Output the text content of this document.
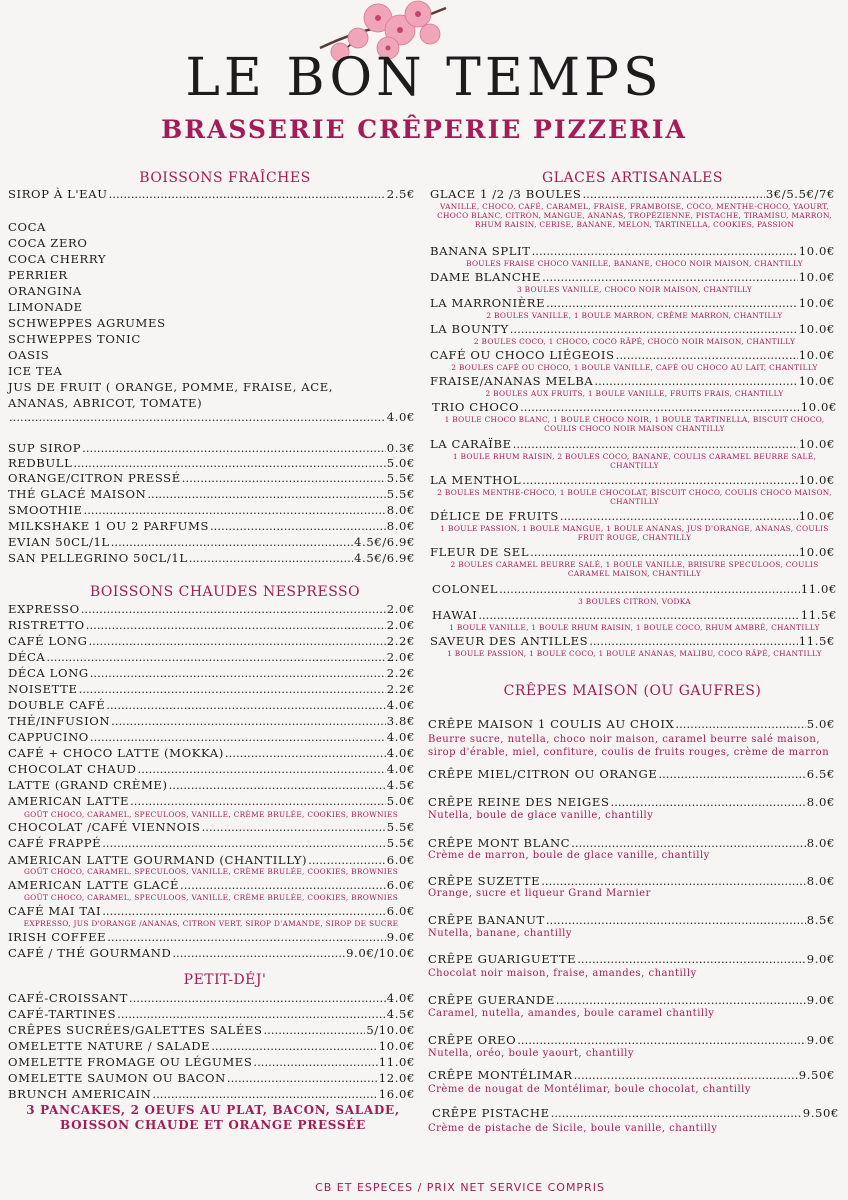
LE BON TEMPS
BRASSERIE CRÊPERIE PIZZERIA
BOISSONS FRAÎCHES
SIROP À L'EAU .....	2.5€
COCA
COCA ZERO
COCA CHERRY
PERRIER
ORANGINA
LIMONADE
SCHWEPPES AGRUMES
SCHWEPPES TONIC
OASIS
ICE TEA
JUS DE FRUIT ( ORANGE, POMME, FRAISE, ACE,
ANANAS, ABRICOT, TOMATE)
.....
4.0€
SUP SIROP .....	0.3€
REDBULL .....	5.0€
ORANGE/CITRON PRESSÉ .....	5.5€
THÉ GLACÉ MAISON .....	5.5€
SMOOTHIE .....	8.0€
MILKSHAKE 1 OU 2 PARFUMS .....	8.0€
EVIAN 50CL/1L .....	4.5€/6.9€
SAN PELLEGRINO 50CL/1L .....	4.5€/6.9€
BOISSONS CHAUDES NESPRESSO
EXPRESSO .....	2.0€
RISTRETTO .....	2.0€
CAFÉ LONG .....	2.2€
DÉCA .....	2.0€
DÉCA LONG .....	2.2€
NOISETTE .....	2.2€
DOUBLE CAFÉ .....	4.0€
THÉ/INFUSION .....	3.8€
CAPPUCINO .....	4.0€
CAFÉ + CHOCO LATTE (MOKKA) .....	4.0€
CHOCOLAT CHAUD .....	4.0€
LATTE (GRAND CRÈME) .....	4.5€
AMERICAN LATTE .....	5.0€
CHOCOLAT /CAFÉ VIENNOIS .....	5.5€
CAFÉ FRAPPÉ .....	5.5€
AMERICAN LATTE GOURMAND (CHANTILLY) .....	6.0€
AMERICAN LATTE GLACÉ .....	6.0€
CAFÉ MAI TAI .....	6.0€
IRISH COFFEE .....	9.0€
CAFÉ / THÉ GOURMAND .....	9.0€/10.0€
GOÛT CHOCO, CARAMEL, SPECULOOS, VANILLE, CRÈME BRULÉE, COOKIES, BROWNIES
GOÛT CHOCO, CARAMEL, SPECULOOS, VANILLE, CRÈME BRULÉE, COOKIES, BROWNIES
GOÛT CHOCO, CARAMEL, SPECULOOS, VANILLE, CRÈME BRULÉE, COOKIES, BROWNIES
EXPRESSO, JUS D'ORANGE /ANANAS, CITRON VERT, SIROP D'AMANDE, SIROP DE SUCRE
PETIT-DÉJ'
CAFÉ-CROISSANT .....	4.0€
CAFÉ-TARTINES .....	4.5€
CRÊPES SUCRÉES/GALETTES SALÉES .....	5/10.0€
OMELETTE NATURE / SALADE .....	10.0€
OMELETTE FROMAGE OU LÉGUMES .....	11.0€
OMELETTE SAUMON OU BACON .....	12.0€
BRUNCH AMERICAIN .....	16.0€
3 PANCAKES, 2 OEUFS AU PLAT, BACON, SALADE,
BOISSON CHAUDE ET ORANGE PRESSÉE
GLACES ARTISANALES
GLACE 1 /2 /3 BOULES .....	3€/5.5€/7€
VANILLE, CHOCO, CAFÉ, CARAMEL, FRAISE, FRAMBOISE, COCO, MENTHE-CHOCO, YAOURT, CHOCO BLANC, CITRON, MANGUE, ANANAS, TROPÉZIENNE, PISTACHE, TIRAMISU, MARRON, RHUM RAISIN, CERISE, BANANE, MELON, TARTINELLA, COOKIES, PASSION
BANANA SPLIT .....	10.0€
BOULES FRAISE CHOCO VANILLE, BANANE, CHOCO NOIR MAISON, CHANTILLY
DAME BLANCHE .....	10.0€
3 BOULES VANILLE, CHOCO NOIR MAISON, CHANTILLY
LA MARRONIÈRE .....	10.0€
2 BOULES VANILLE, 1 BOULE MARRON, CRÈME MARRON, CHANTILLY
LA BOUNTY .....	10.0€
2 BOULES COCO, 1 CHOCO, COCO RÂPÉ, CHOCO NOIR MAISON, CHANTILLY
CAFÉ OU CHOCO LIÉGEOIS .....	10.0€
2 BOULES CAFÉ OU CHOCO, 1 BOULE VANILLE, CAFÉ OU CHOCO AU LAIT, CHANTILLY
FRAISE/ANANAS MELBA .....	10.0€
2 BOULES AUX FRUITS, 1 BOULE VANILLE, FRUITS FRAIS, CHANTILLY
TRIO CHOCO .....	10.0€
1 BOULE CHOCO BLANC, 1 BOULE CHOCO NOIR, 1 BOULE TARTINELLA, BISCUIT CHOCO, COULIS CHOCO NOIR MAISON CHANTILLY
LA CARAÏBE .....	10.0€
1 BOULE RHUM RAISIN, 2 BOULES COCO, BANANE, COULIS CARAMEL BEURRE SALÉ, CHANTILLY
LA MENTHOL .....	10.0€
2 BOULES MENTHE-CHOCO, 1 BOULE CHOCOLAT, BISCUIT CHOCO, COULIS CHOCO MAISON, CHANTILLY
DÉLICE DE FRUITS .....	10.0€
1 BOULE PASSION, 1 BOULE MANGUE, 1 BOULE ANANAS, JUS D'ORANGE, ANANAS, COULIS FRUIT ROUGE, CHANTILLY
FLEUR DE SEL .....	10.0€
2 BOULES CARAMEL BEURRE SALÉ, 1 BOULE VANILLE, BRISURE SPECULOOS, COULIS CARAMEL MAISON, CHANTILLY
COLONEL .....	11.0€
3 BOULES CITRON, VODKA
HAWAI .....	11.5€
1 BOULE VANILLE, 1 BOULE RHUM RAISIN, 1 BOULE COCO, RHUM AMBRÉ, CHANTILLY
SAVEUR DES ANTILLES .....	11.5€
1 BOULE PASSION, 1 BOULE COCO, 1 BOULE ANANAS, MALIBU, COCO RÂPÉ, CHANTILLY
CRÊPES MAISON (OU GAUFRES)
CRÊPE MAISON 1 COULIS AU CHOIX .....	5.0€
Beurre sucre, nutella, choco noir maison, caramel beurre salé maison, sirop d'érable, miel, confiture, coulis de fruits rouges, crème de marron
CRÊPE MIEL/CITRON OU ORANGE .....	6.5€
CRÊPE REINE DES NEIGES .....	8.0€
Nutella, boule de glace vanille, chantilly
CRÊPE MONT BLANC .....	8.0€
Crème de marron, boule de glace vanille, chantilly
CRÊPE SUZETTE .....	8.0€
Orange, sucre et liqueur Grand Marnier
CRÊPE BANANUT .....	8.5€
Nutella, banane, chantilly
CRÊPE GUARIGUETTE .....	9.0€
Chocolat noir maison, fraise, amandes, chantilly
CRÊPE GUERANDE .....	9.0€
Caramel, nutella, amandes, boule caramel chantilly
CRÊPE OREO .....	9.0€
Nutella, oréo, boule yaourt, chantilly
CRÊPE MONTÉLIMAR .....	9.50€
Crème de nougat de Montélimar, boule chocolat, chantilly
CRÊPE PISTACHE .....	9.50€
Crème de pistache de Sicile, boule vanille, chantilly
CB ET ESPECES / PRIX NET SERVICE COMPRIS
